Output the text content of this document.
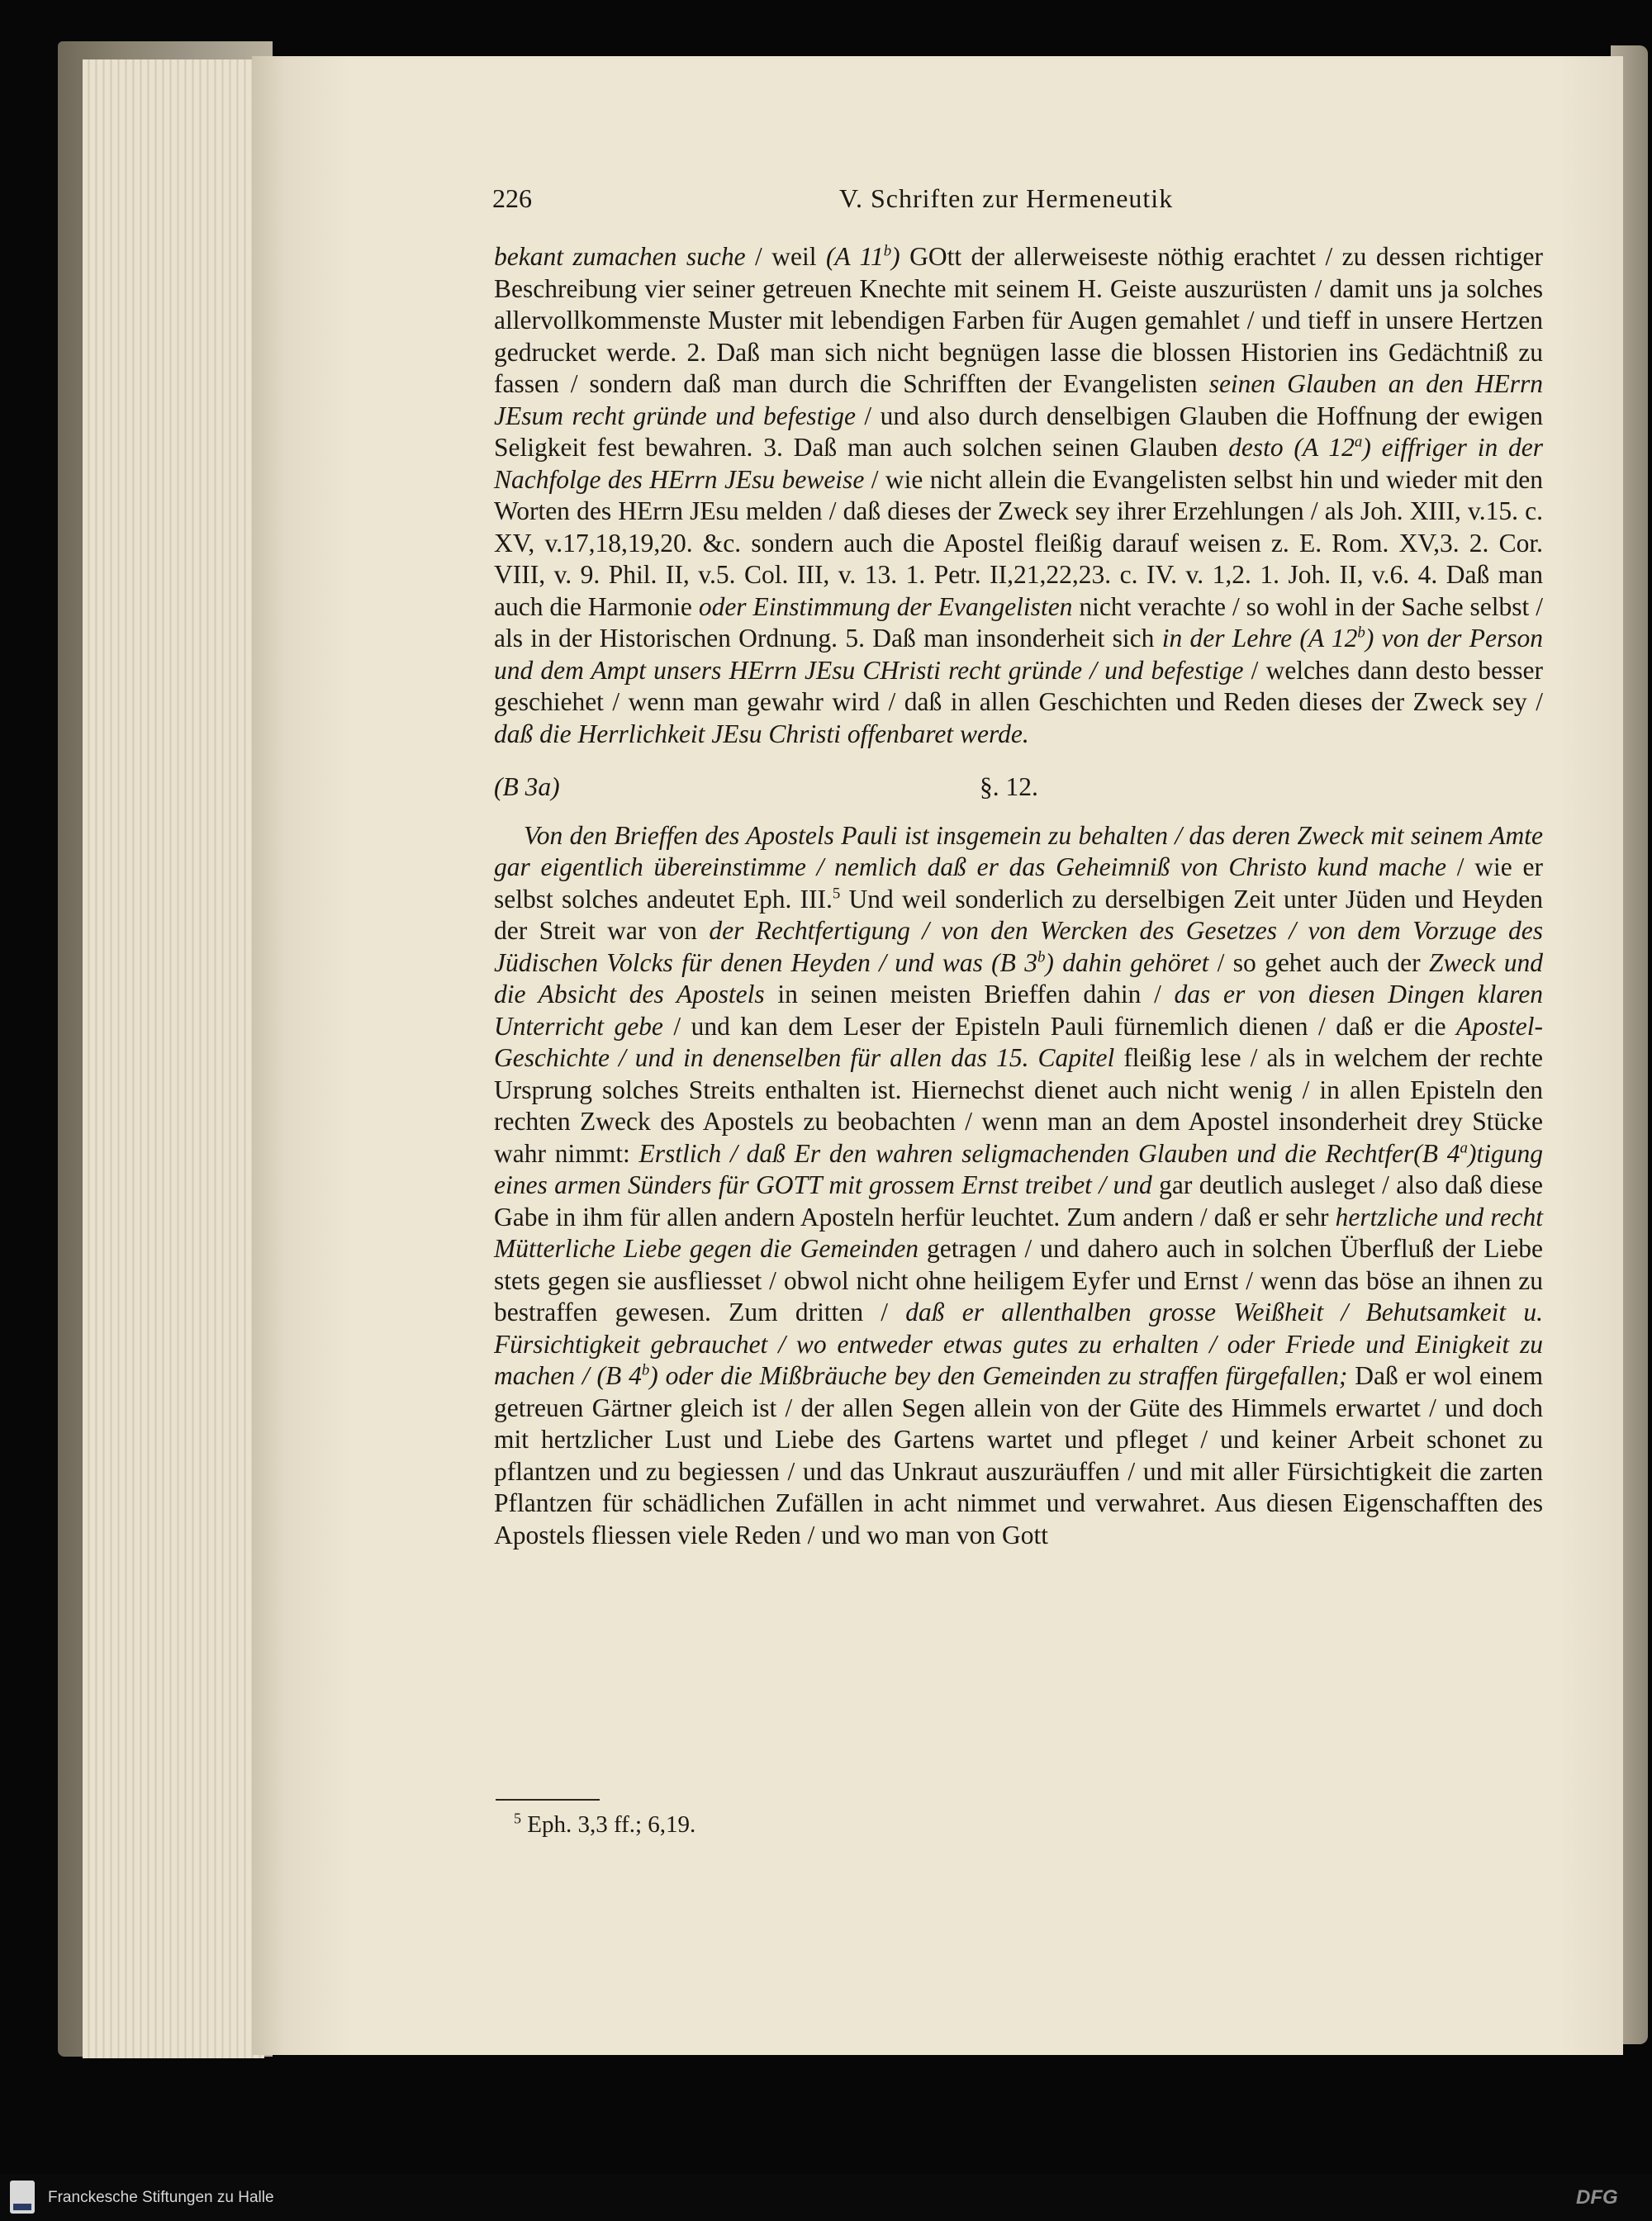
226	V. Schriften zur Hermeneutik

bekant zumachen suche / weil (A 11$^b$) GOtt der allerweiseste nöthig erachtet / zu dessen richtiger Beschreibung vier seiner getreuen Knechte mit seinem H. Geiste auszurüsten / damit uns ja solches allervollkommenste Muster mit lebendigen Farben für Augen gemahlet / und tieff in unsere Hertzen gedrucket werde. 2. Daß man sich nicht begnügen lasse die blossen Historien ins Gedächtniß zu fassen / sondern daß man durch die Schrifften der Evangelisten seinen Glauben an den HErrn JEsum recht gründe und befestige / und also durch denselbigen Glauben die Hoffnung der ewigen Seligkeit fest bewahren. 3. Daß man auch solchen seinen Glauben desto (A 12$^a$) eiffriger in der Nachfolge des HErrn JEsu beweise / wie nicht allein die Evangelisten selbst hin und wieder mit den Worten des HErrn JEsu melden / daß dieses der Zweck sey ihrer Erzehlungen / als Joh. XIII, v.15. c. XV, v.17,18,19,20. &c. sondern auch die Apostel fleißig darauf weisen z. E. Rom. XV,3. 2. Cor. VIII, v. 9. Phil. II, v.5. Col. III, v. 13. 1. Petr. II,21,22,23. c. IV. v. 1,2. 1. Joh. II, v.6. 4. Daß man auch die Harmonie oder Einstimmung der Evangelisten nicht verachte / so wohl in der Sache selbst / als in der Historischen Ordnung. 5. Daß man insonderheit sich in der Lehre (A 12$^b$) von der Person und dem Ampt unsers HErrn JEsu CHristi recht gründe / und befestige / welches dann desto besser geschiehet / wenn man gewahr wird / daß in allen Geschichten und Reden dieses der Zweck sey / daß die Herrlichkeit JEsu Christi offenbaret werde.

(B 3a)	§. 12.

Von den Brieffen des Apostels Pauli ist insgemein zu behalten / das deren Zweck mit seinem Amte gar eigentlich übereinstimme / nemlich daß er das Geheimniß von Christo kund mache / wie er selbst solches andeutet Eph. III.$^5$ Und weil sonderlich zu derselbigen Zeit unter Jüden und Heyden der Streit war von der Rechtfertigung / von den Wercken des Gesetzes / von dem Vorzuge des Jüdischen Volcks für denen Heyden / und was (B 3$^b$) dahin gehöret / so gehet auch der Zweck und die Absicht des Apostels in seinen meisten Brieffen dahin / das er von diesen Dingen klaren Unterricht gebe / und kan dem Leser der Episteln Pauli fürnemlich dienen / daß er die Apostel-Geschichte / und in denenselben für allen das 15. Capitel fleißig lese / als in welchem der rechte Ursprung solches Streits enthalten ist. Hiernechst dienet auch nicht wenig / in allen Episteln den rechten Zweck des Apostels zu beobachten / wenn man an dem Apostel insonderheit drey Stücke wahr nimmt: Erstlich / daß Er den wahren seligmachenden Glauben und die Rechtfer(B 4$^a$)tigung eines armen Sünders für GOTT mit grossem Ernst treibet / und gar deutlich ausleget / also daß diese Gabe in ihm für allen andern Aposteln herfür leuchtet. Zum andern / daß er sehr hertzliche und recht Mütterliche Liebe gegen die Gemeinden getragen / und dahero auch in solchen Überfluß der Liebe stets gegen sie ausfliesset / obwol nicht ohne heiligem Eyfer und Ernst / wenn das böse an ihnen zu bestraffen gewesen. Zum dritten / daß er allenthalben grosse Weißheit / Behutsamkeit u. Fürsichtigkeit gebrauchet / wo entweder etwas gutes zu erhalten / oder Friede und Einigkeit zu machen / (B 4$^b$) oder die Mißbräuche bey den Gemeinden zu straffen fürgefallen; Daß er wol einem getreuen Gärtner gleich ist / der allen Segen allein von der Güte des Himmels erwartet / und doch mit hertzlicher Lust und Liebe des Gartens wartet und pfleget / und keiner Arbeit schonet zu pflantzen und zu begiessen / und das Unkraut auszuräuffen / und mit aller Fürsichtigkeit die zarten Pflantzen für schädlichen Zufällen in acht nimmet und verwahret. Aus diesen Eigenschafften des Apostels fliessen viele Reden / und wo man von Gott

$^5$ Eph. 3,3 ff.; 6,19.
Franckesche Stiftungen zu Halle	DFG
